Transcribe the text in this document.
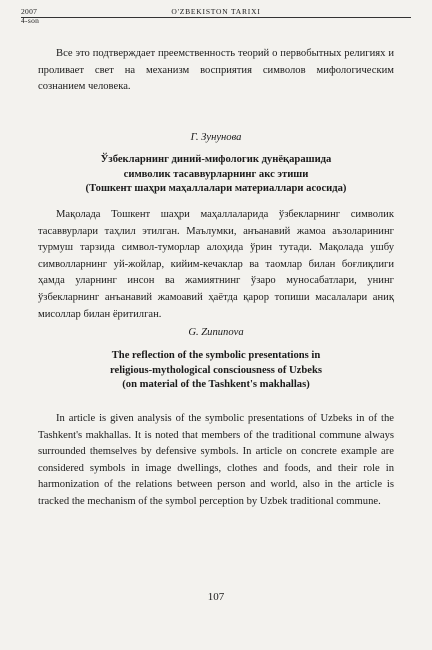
2007
4-son
O'ZBEKISTON TARIXI

Все это подтверждает преемственность теорий о первобытных религиях и проливает свет на механизм восприятия символов мифологическим сознанием человека.

Г. Зунунова

Ўзбекларнинг диний-мифологик дунёқарашида
символик тасаввурларнинг акс этиши
(Тошкент шаҳри маҳаллалари материаллари асосида)

Мақолада Тошкент шаҳри маҳаллаларида ўзбекларнинг символик тасаввурлари таҳлил этилган. Маълумки, анъанавий жамоа аъзоларининг турмуш тарзида символ-туморлар алоҳида ўрин тутади. Мақолада ушбу символларнинг уй-жойлар, кийим-кечаклар ва таомлар билан боғлиқлиги ҳамда уларнинг инсон ва жамиятнинг ўзаро муносабатлари, унинг ўзбекларнинг анъанавий жамоавий ҳаётда қарор топиши масалалари аниқ мисоллар билан ёритилган.

G. Zununova

The reflection of the symbolic presentations in
religious-mythological consciousness of Uzbeks
(on material of the Tashkent's makhallas)

In article is given analysis of the symbolic presentations of Uzbeks in of the Tashkent's makhallas. It is noted that members of the traditional commune always surrounded themselves by defensive symbols. In article on concrete example are considered symbols in image dwellings, clothes and foods, and their role in harmonization of the relations between person and world, also in the article is tracked the mechanism of the symbol perception by Uzbek traditional commune.

107
